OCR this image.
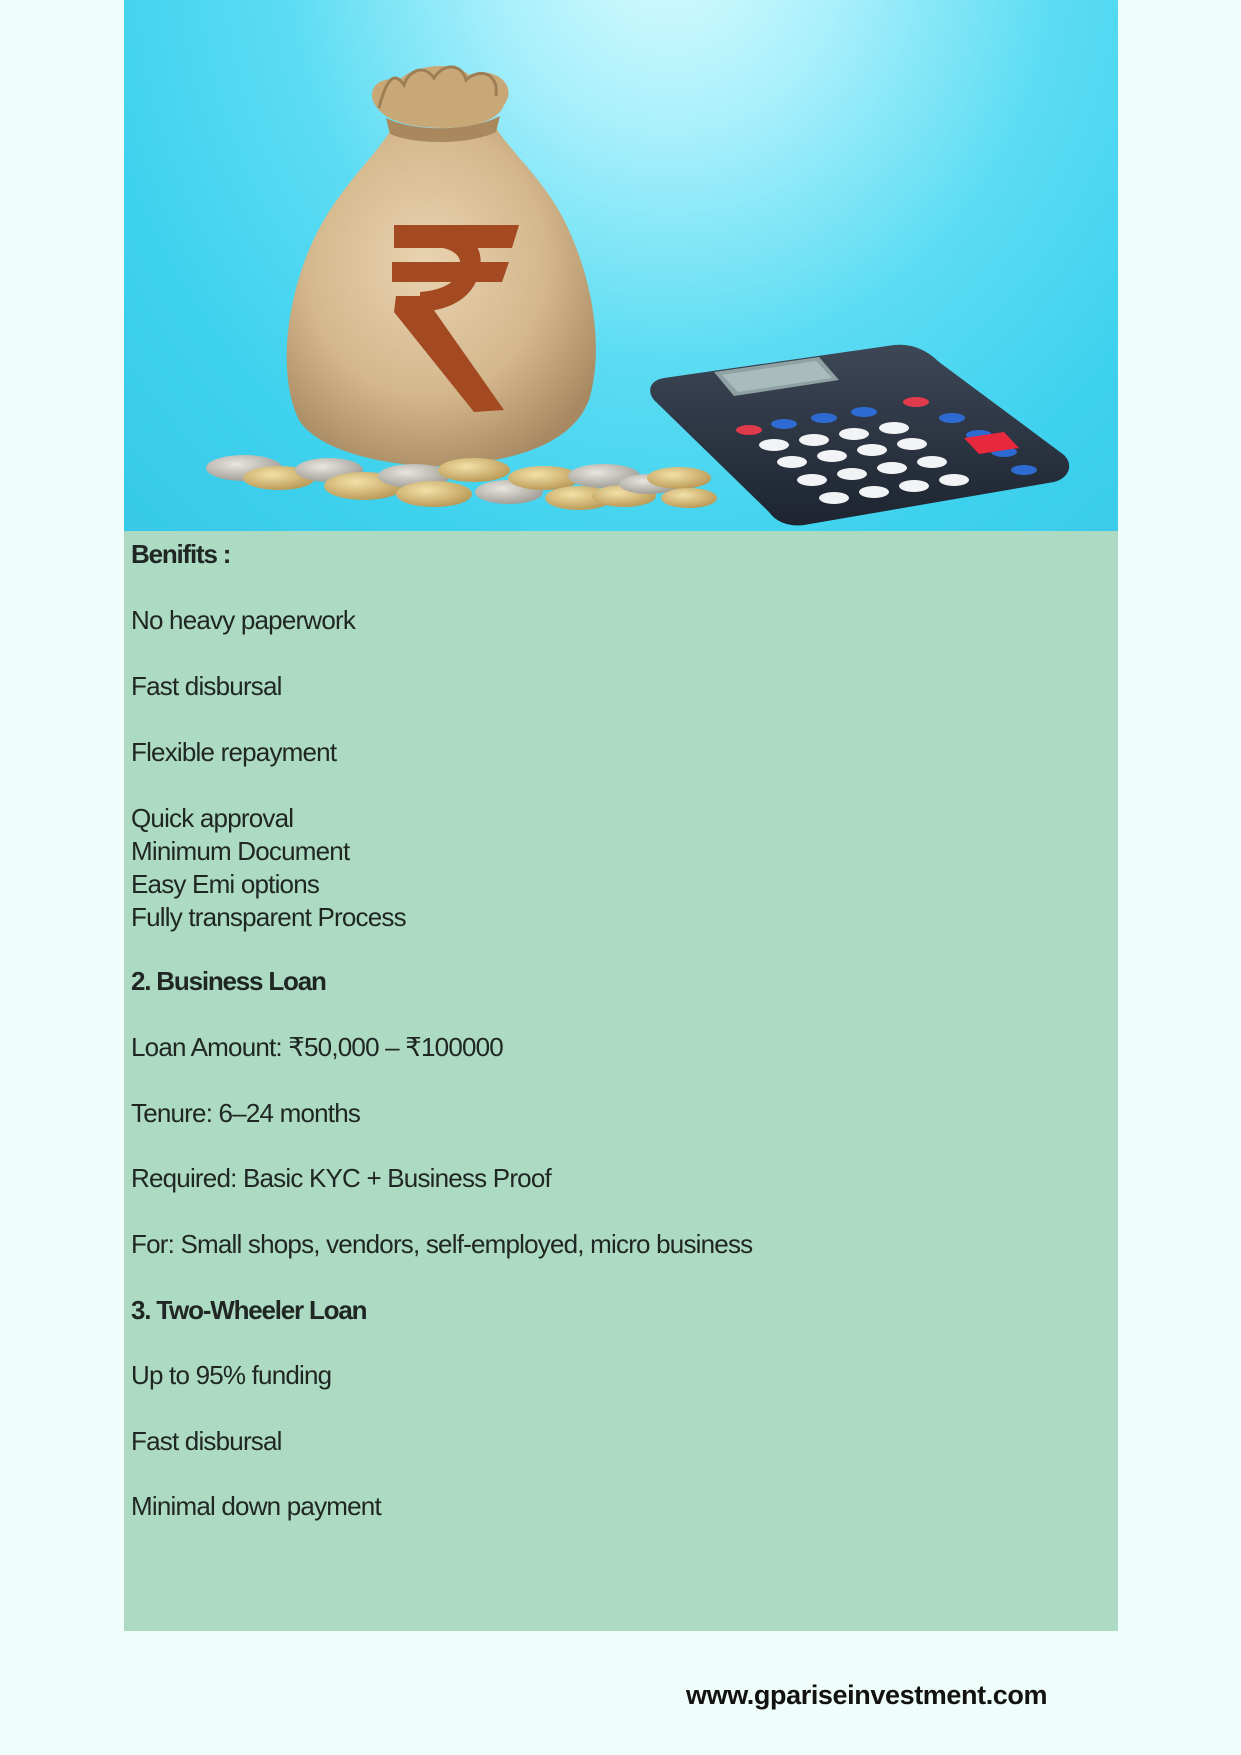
Benifits :
No heavy paperwork
Fast disbursal
Flexible repayment
Quick approval
Minimum Document
Easy Emi options
Fully transparent Process
2. Business Loan
Loan Amount: ₹50,000 – ₹100000
Tenure: 6–24 months
Required: Basic KYC + Business Proof
For: Small shops, vendors, self-employed, micro business
3. Two-Wheeler Loan
Up to 95% funding
Fast disbursal
Minimal down payment
www.gpariseinvestment.com
